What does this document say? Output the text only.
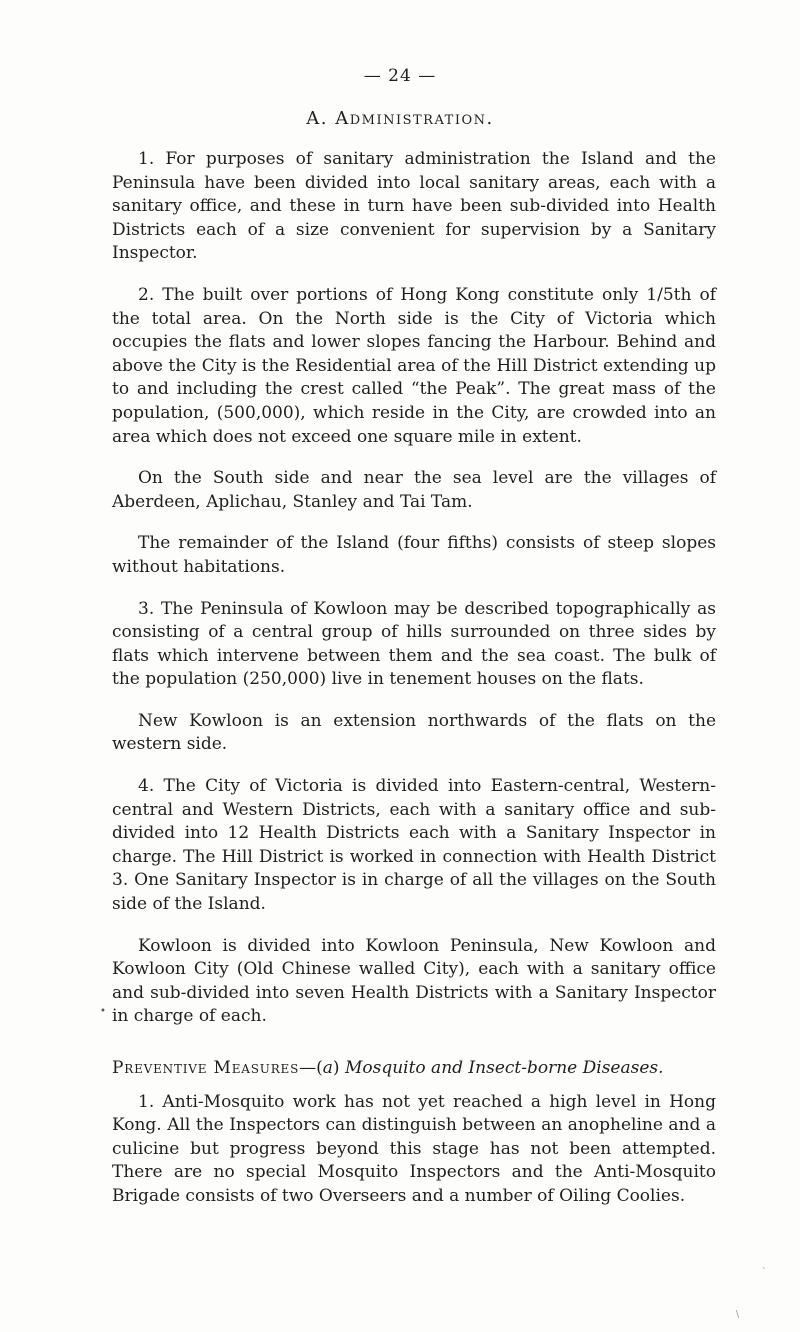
— 24 —
A. Administration.

1. For purposes of sanitary administration the Island and the Peninsula have been divided into local sanitary areas, each with a sanitary office, and these in turn have been sub-divided into Health Districts each of a size convenient for supervision by a Sanitary Inspector.

2. The built over portions of Hong Kong constitute only 1/5th of the total area. On the North side is the City of Victoria which occupies the flats and lower slopes fancing the Harbour. Behind and above the City is the Residential area of the Hill District extending up to and including the crest called “the Peak”. The great mass of the population, (500,000), which reside in the City, are crowded into an area which does not exceed one square mile in extent.

On the South side and near the sea level are the villages of Aberdeen, Aplichau, Stanley and Tai Tam.

The remainder of the Island (four fifths) consists of steep slopes without habitations.

3. The Peninsula of Kowloon may be described topographically as consisting of a central group of hills surrounded on three sides by flats which intervene between them and the sea coast. The bulk of the population (250,000) live in tenement houses on the flats.

New Kowloon is an extension northwards of the flats on the western side.

4. The City of Victoria is divided into Eastern-central, Western-central and Western Districts, each with a sanitary office and sub-divided into 12 Health Districts each with a Sanitary Inspector in charge. The Hill District is worked in connection with Health District 3. One Sanitary Inspector is in charge of all the villages on the South side of the Island.

Kowloon is divided into Kowloon Peninsula, New Kowloon and Kowloon City (Old Chinese walled City), each with a sanitary office and sub-divided into seven Health Districts with a Sanitary Inspector in charge of each.

Preventive Measures—(a) Mosquito and Insect-borne Diseases.

1. Anti-Mosquito work has not yet reached a high level in Hong Kong. All the Inspectors can distinguish between an anopheline and a culicine but progress beyond this stage has not been attempted. There are no special Mosquito Inspectors and the Anti-Mosquito Brigade consists of two Overseers and a number of Oiling Coolies.

•
`
\
